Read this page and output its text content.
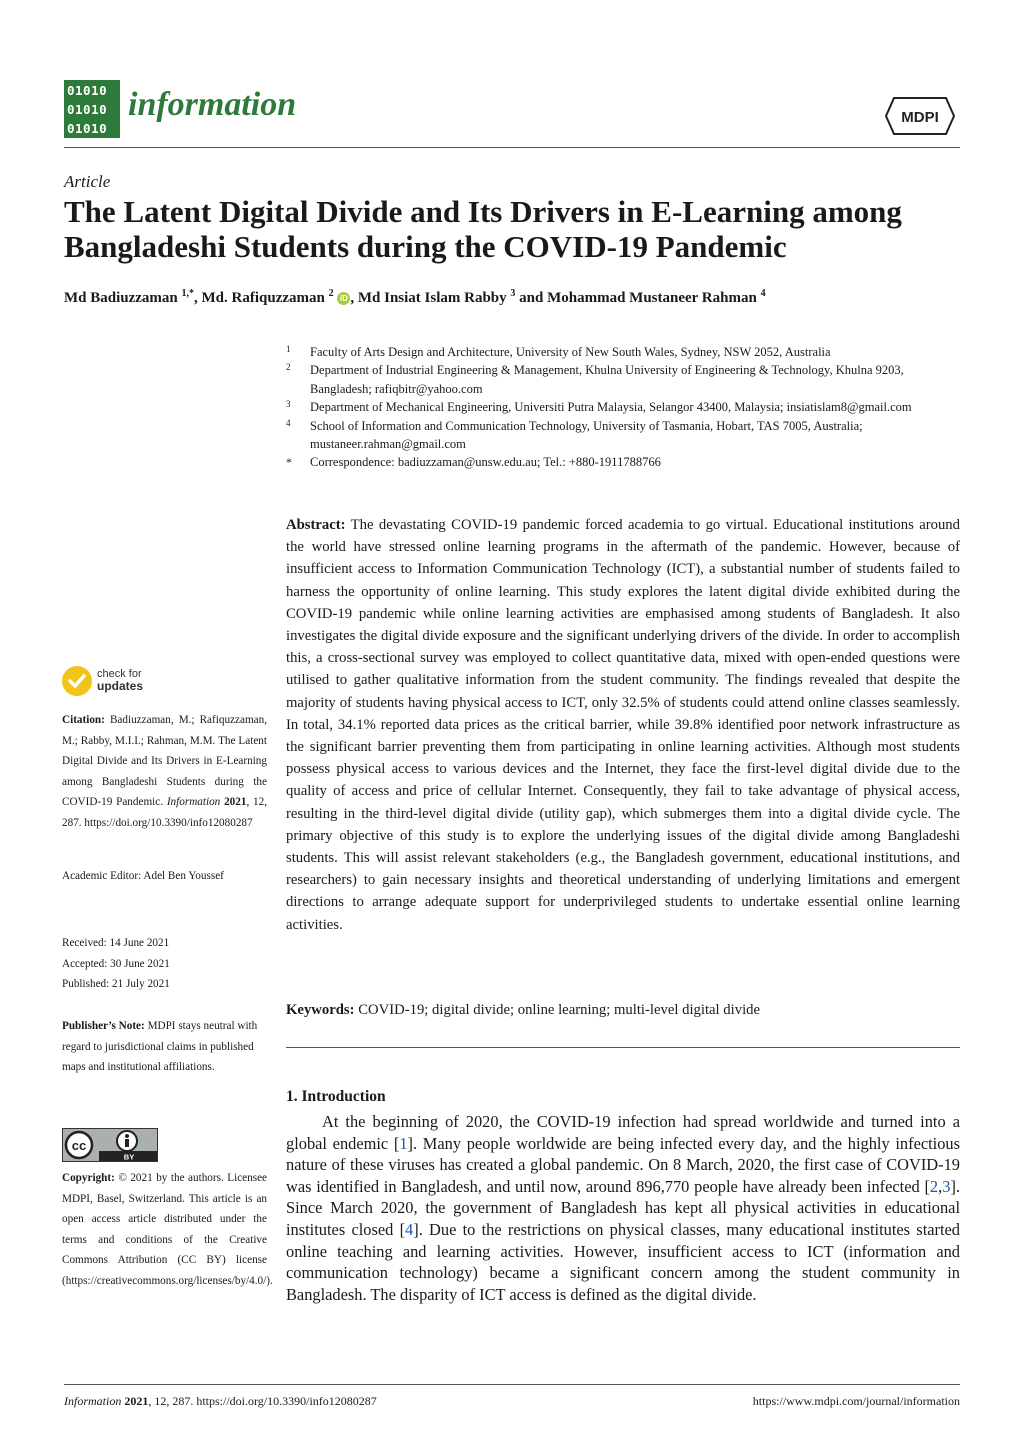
01010
01010
01010
information	MDPI
Article
The Latent Digital Divide and Its Drivers in E-Learning among Bangladeshi Students during the COVID-19 Pandemic
Md Badiuzzaman $^{1,*}$, Md. Rafiquzzaman $^2$ iD , Md Insiat Islam Rabby $^3$ and Mohammad Mustaneer Rahman $^4$
1 Faculty of Arts Design and Architecture, University of New South Wales, Sydney, NSW 2052, Australia
2 Department of Industrial Engineering & Management, Khulna University of Engineering & Technology, Khulna 9203, Bangladesh; rafiqbitr@yahoo.com
3 Department of Mechanical Engineering, Universiti Putra Malaysia, Selangor 43400, Malaysia; insiatislam8@gmail.com
4 School of Information and Communication Technology, University of Tasmania, Hobart, TAS 7005, Australia; mustaneer.rahman@gmail.com
* Correspondence: badiuzzaman@unsw.edu.au; Tel.: +880-1911788766
Abstract: The devastating COVID-19 pandemic forced academia to go virtual. Educational institutions around the world have stressed online learning programs in the aftermath of the pandemic. However, because of insufficient access to Information Communication Technology (ICT), a substantial number of students failed to harness the opportunity of online learning. This study explores the latent digital divide exhibited during the COVID-19 pandemic while online learning activities are emphasised among students of Bangladesh. It also investigates the digital divide exposure and the significant underlying drivers of the divide. In order to accomplish this, a cross-sectional survey was employed to collect quantitative data, mixed with open-ended questions were utilised to gather qualitative information from the student community. The findings revealed that despite the majority of students having physical access to ICT, only 32.5% of students could attend online classes seamlessly. In total, 34.1% reported data prices as the critical barrier, while 39.8% identified poor network infrastructure as the significant barrier preventing them from participating in online learning activities. Although most students possess physical access to various devices and the Internet, they face the first-level digital divide due to the quality of access and price of cellular Internet. Consequently, they fail to take advantage of physical access, resulting in the third-level digital divide (utility gap), which submerges them into a digital divide cycle. The primary objective of this study is to explore the underlying issues of the digital divide among Bangladeshi students. This will assist relevant stakeholders (e.g., the Bangladesh government, educational institutions, and researchers) to gain necessary insights and theoretical understanding of underlying limitations and emergent directions to arrange adequate support for underprivileged students to undertake essential online learning activities.
Keywords: COVID-19; digital divide; online learning; multi-level digital divide
1. Introduction
At the beginning of 2020, the COVID-19 infection had spread worldwide and turned into a global endemic [1]. Many people worldwide are being infected every day, and the highly infectious nature of these viruses has created a global pandemic. On 8 March, 2020, the first case of COVID-19 was identified in Bangladesh, and until now, around 896,770 people have already been infected [2,3]. Since March 2020, the government of Bangladesh has kept all physical activities in educational institutes closed [4]. Due to the restrictions on physical classes, many educational institutes started online teaching and learning activities. However, insufficient access to ICT (information and communication technology) became a significant concern among the student community in Bangladesh. The disparity of ICT access is defined as the digital divide.
check for
updates
Citation: Badiuzzaman, M.; Rafiquzzaman, M.; Rabby, M.I.I.; Rahman, M.M. The Latent Digital Divide and Its Drivers in E-Learning among Bangladeshi Students during the COVID-19 Pandemic. Information 2021, 12, 287. https://doi.org/10.3390/info12080287
Academic Editor: Adel Ben Youssef
Received: 14 June 2021
Accepted: 30 June 2021
Published: 21 July 2021
Publisher’s Note: MDPI stays neutral with regard to jurisdictional claims in published maps and institutional affiliations.
cc
BY
Copyright: © 2021 by the authors. Licensee MDPI, Basel, Switzerland. This article is an open access article distributed under the terms and conditions of the Creative Commons Attribution (CC BY) license (https://creativecommons.org/licenses/by/4.0/).
Information 2021, 12, 287. https://doi.org/10.3390/info12080287	https://www.mdpi.com/journal/information
